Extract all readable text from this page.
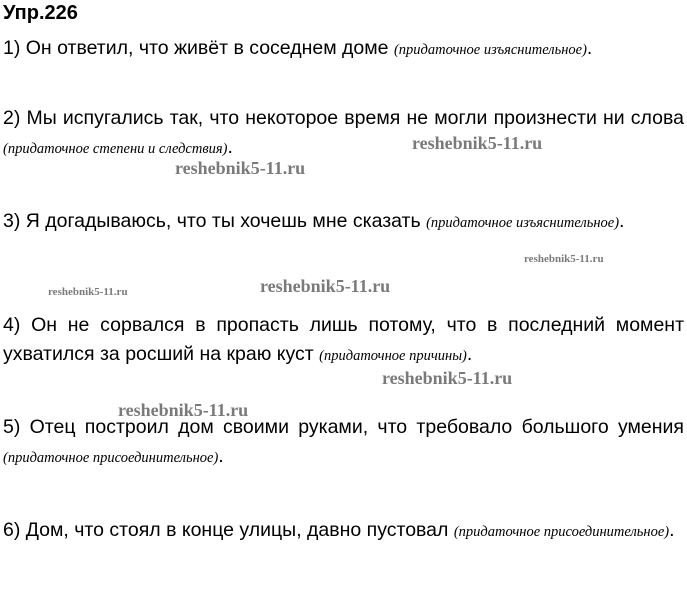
Упр.226
1) Он ответил, что живёт в соседнем доме (придаточное изъяснительное).
2) Мы испугались так, что некоторое время не могли произнести ни слова (придаточное степени и следствия).
3) Я догадываюсь, что ты хочешь мне сказать (придаточное изъяснительное).
4) Он не сорвался в пропасть лишь потому, что в последний момент ухватился за росший на краю куст (придаточное причины).
5) Отец построил дом своими руками, что требовало большого умения (придаточное присоединительное).
6) Дом, что стоял в конце улицы, давно пустовал (придаточное присоединительное).
reshebnik5-11.ru
reshebnik5-11.ru
reshebnik5-11.ru
reshebnik5-11.ru
reshebnik5-11.ru
reshebnik5-11.ru
reshebnik5-11.ru
